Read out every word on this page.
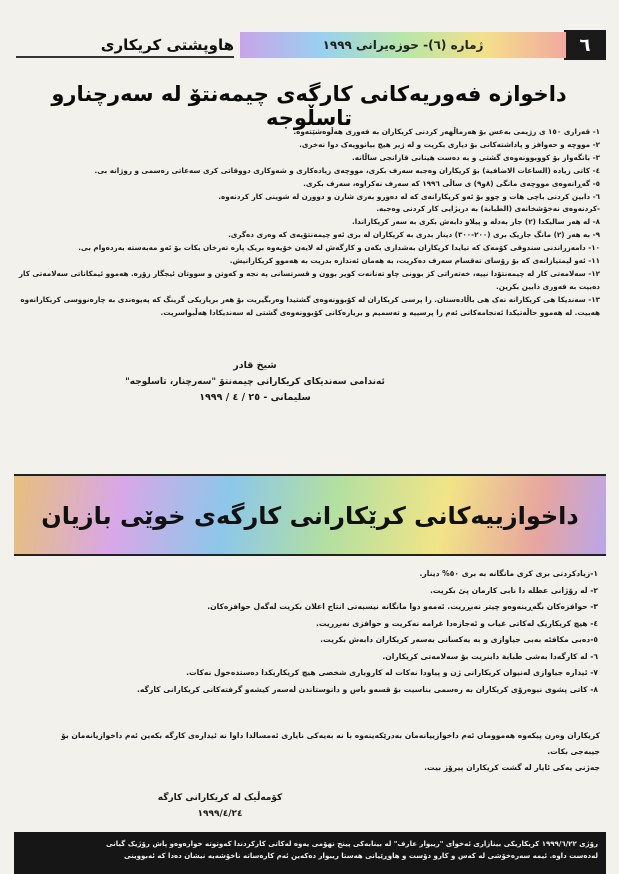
٦
ژماره (٦)- حوزەیرانی ١٩٩٩
هاوپشتی کریکاری
داخوازه فەوریەکانی کارگەی چیمەنتۆ لە سەرچنارو تاسڵوجە
١- قەراری ١٥٠ ی رژیمی بەعس بۆ هەرماڵهەر کردنی کریکاران بە فەوری هەڵوەشێتەوە.
٢- مووچە و حەوافز و پاداشتەکانی بۆ دیاری بکریت و لە ژیر هیچ بیانوویەک دوا نەخری.
٣- بانگەواز بۆ کووبوونەوەی گشتی و بە دەست هینانی قازانجی ساڵانە.
٤- کاتی زیادە (الساعات الاضافیة) بۆ کریکاران وەجبە سەرف بکری، مووچەی زیادەکاری و شەوکاری دووقاتی کری سەعاتی رەسمی و روژانە بی.
٥- گەڕانەوەی مووچەی مانگی (٨و٩) ی ساڵی ١٩٩٦ کە سەرف نەکراوە، سەرف بکری.
٦- دابین کردنی باچی هات و چوو بۆ ئەو کریکارانەی کە لە دەورو بەری شارن و دوورن لە شوینی کار کردنەوە.
-کردنەوەی نەخۆشخانەی (الطبابة) بە دریژایی کار کردنی وەجبە.
٨- لە هەر سالیکدا (٢) جار بەدلە و پیلاو دابەش بکری بە سەر کریکاراندا.
٩- بە هەر (٢) مانگ جاریک بری (٢٠٠-٣٠٠) دینار بدری بە کریکاران لە بری ئەو چیمەنتۆیەی کە وەری دەگری.
١٠- دامەزراندنی سندوقی کۆمەک کە تیایدا کریکاران بەشداری بکەن و کارگەش لە لایەن خۆیەوە بریک پارە تەرخان بکات بۆ ئەو مەبەستە بەردەوام بی.
١١- ئەو لیمتیازانەی کە بۆ رۆسای تەقسام سەرف دەکریت، بە هەمان ئەندازە بدریت بە هەموو کریکارانیش.
١٢- سەلامەتی کار لە چیمەنتۆدا نییە، خەتەراتی کز بوونی چاو تەنانەت کویر بوون و قسرتسانی پە نجە و کەوتن و سووتان ئیجگار زۆرە. هەموو ئیمکاناتی سەلامەتی کار دەبیت بە فەوری دابین بکرین.
١٣- سەندیکا هی کریکارانە نەک هی باڵادەستان. را پرسی کریکاران لە کۆبوونەوەی گشتیدا وەربگیریت بۆ هەر بریاریکی گرینگ کە پەیوەندی بە چارەنووسی کریکارانەوە هەبیت. لە هەموو حاڵەتیکدا ئەنجامەکانی ئەم را پرسییە و تەسمیم و بریارەکانی کۆبوونەوەی گشتی لە سەندیکادا هەڵبواسریت.
شیخ قادر
ئەندامی سەندیکای کریکارانی چیمەنتۆ "سەرچنار، تاسلوجە"
سلیمانی - ٢٥ / ٤ / ١٩٩٩
داخوازییەکانی کرێکارانی کارگەی خوێی بازیان
١-زیادکردنی بری کری مانگانە بە بری ٥٠% دینار.
٢- لە رۆژانی عطلە دا نابی کارمان پێ بکریت.
٣- حوافزەکان بگەڕینەوەو چیتر نەبڕریت. ئەمەو دوا مانگانە نیسبەتی انتاج اعلان بکریت لەگەل حوافزەکان.
٤- هیچ کریکاریک لەکاتی غیاب و ئەجازەدا غرامە نەکریت و حوافزی نەبڕریت.
٥-دەبی مکافئە بەبی جیاوازی و بە یەکسانی بەسەر کریکاران دابەش بکریت.
٦- لە کارگەدا بەشی طبابة دابنریت بۆ سەلامەتی کریکاران.
٧- ئیدارە جیاوازی لەنیوان کریکارانی ژن و پیاودا نەکات لە کاروباری شخصی هیچ کریکاریکدا دەستدەخول نەکات.
٨- کاتی پشوی نیوەرۆی کریکاران بە رەسمی بناسیت بۆ قسەو باس و دانوستاندن لەسەر کیشەو گرفتەکانی کریکارانی کارگە.
کریکاران وەرن پیکەوە هەمووماں ئەم داخوازییانەمان بەدرێکەینەوە با نە بەیەکی نایاری ئەمسالدا داوا نە ئیدارەی کارگە بکەین ئەم داخوازیانەمان بۆ
جیبەجی بکات.
جەژنی یەکی ئایار لە گشت کریکاران پیرۆز بیت.
کۆمەڵیک لە کریکارانی کارگە
١٩٩٩/٤/٢٤
رۆژی ١٩٩٩/٦/٢٢ کریکاریکی بینازاری ئەخوای "ریبوار عارف" لە بینابەکی پینج نهۆمی یەوە لەکاتی کارکردندا کەوتوتە خوارەوەو پاش رۆژیک گیانی
لەدەست داوە. ئیمە سەرەخۆشی لە کەس و کارو دۆست و هاوڕێیانی هەستا ریبوار دەکەین ئەم کارەساتە ناخۆشەیە نیشان دەدا کە ئەبووینی
